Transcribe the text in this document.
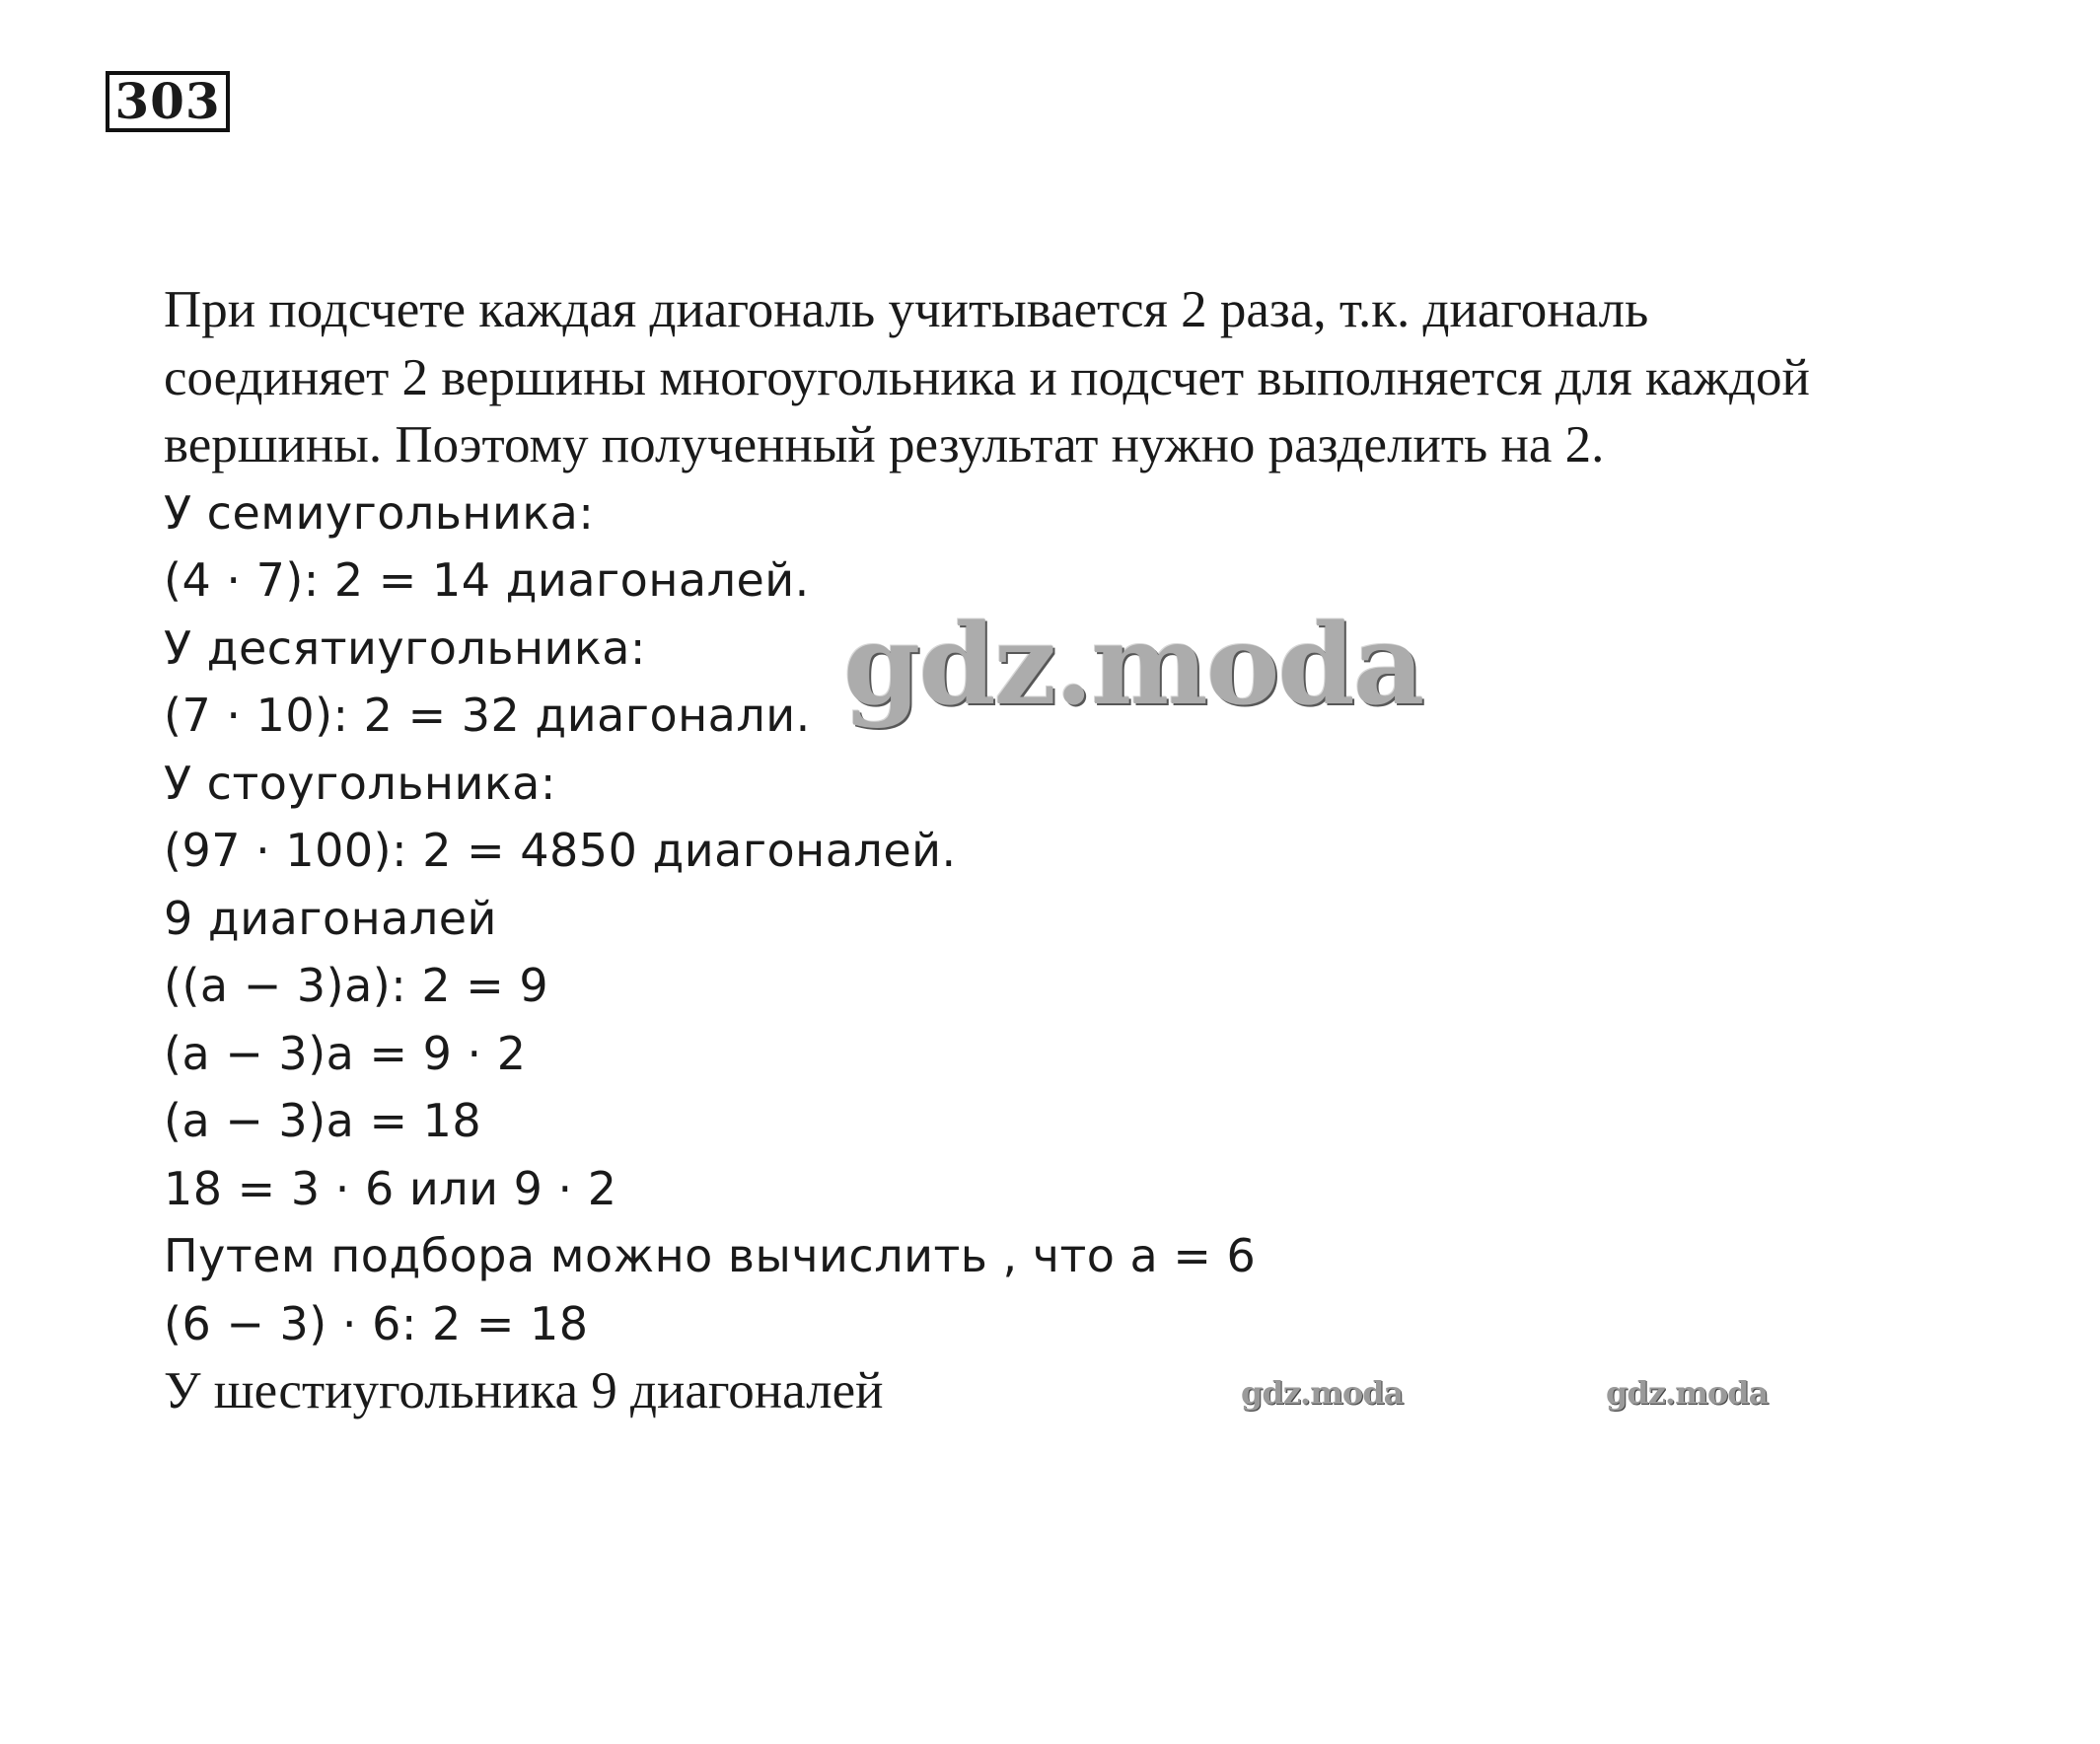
303
При подсчете каждая диагональ учитывается 2 раза, т.к. диагональ
соединяет 2 вершины многоугольника и подсчет выполняется для каждой
вершины. Поэтому полученный результат нужно разделить на 2.
У семиугольника:
(4 · 7): 2 = 14 диагоналей.
У десятиугольника:
(7 · 10): 2 = 32 диагонали.
У стоугольника:
(97 · 100): 2 = 4850 диагоналей.
9 диагоналей
((a − 3)a): 2 = 9
(a − 3)a = 9 · 2
(a − 3)a = 18
18 = 3 · 6 или 9 · 2
Путем подбора можно вычислить , что a = 6
(6 − 3) · 6: 2 = 18
У шестиугольника 9 диагоналей
gdz.moda
gdz.moda	gdz.moda
